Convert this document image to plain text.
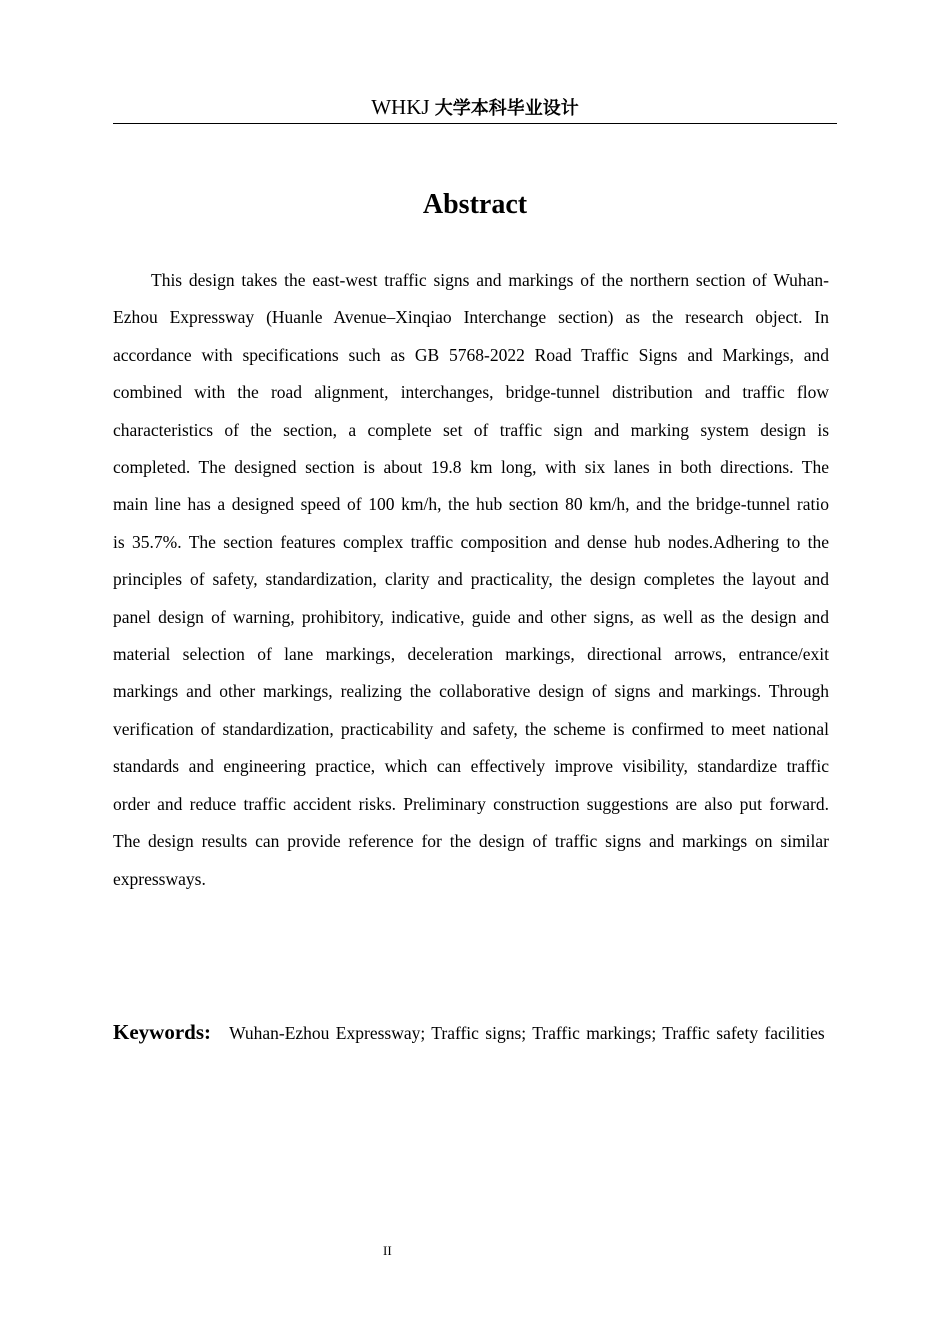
WHKJ 大学本科毕业设计
Abstract

This design takes the east-west traffic signs and markings of the northern section of Wuhan-Ezhou Expressway (Huanle Avenue–Xinqiao Interchange section) as the research object. In accordance with specifications such as GB 5768-2022 Road Traffic Signs and Markings, and combined with the road alignment, interchanges, bridge-tunnel distribution and traffic flow characteristics of the section, a complete set of traffic sign and marking system design is completed. The designed section is about 19.8 km long, with six lanes in both directions. The main line has a designed speed of 100 km/h, the hub section 80 km/h, and the bridge-tunnel ratio is 35.7%. The section features complex traffic composition and dense hub nodes.Adhering to the principles of safety, standardization, clarity and practicality, the design completes the layout and panel design of warning, prohibitory, indicative, guide and other signs, as well as the design and material selection of lane markings, deceleration markings, directional arrows, entrance/exit markings and other markings, realizing the collaborative design of signs and markings. Through verification of standardization, practicability and safety, the scheme is confirmed to meet national standards and engineering practice, which can effectively improve visibility, standardize traffic order and reduce traffic accident risks. Preliminary construction suggestions are also put forward. The design results can provide reference for the design of traffic signs and markings on similar expressways.

Keywords: Wuhan-Ezhou Expressway; Traffic signs; Traffic markings; Traffic safety facilities
II
